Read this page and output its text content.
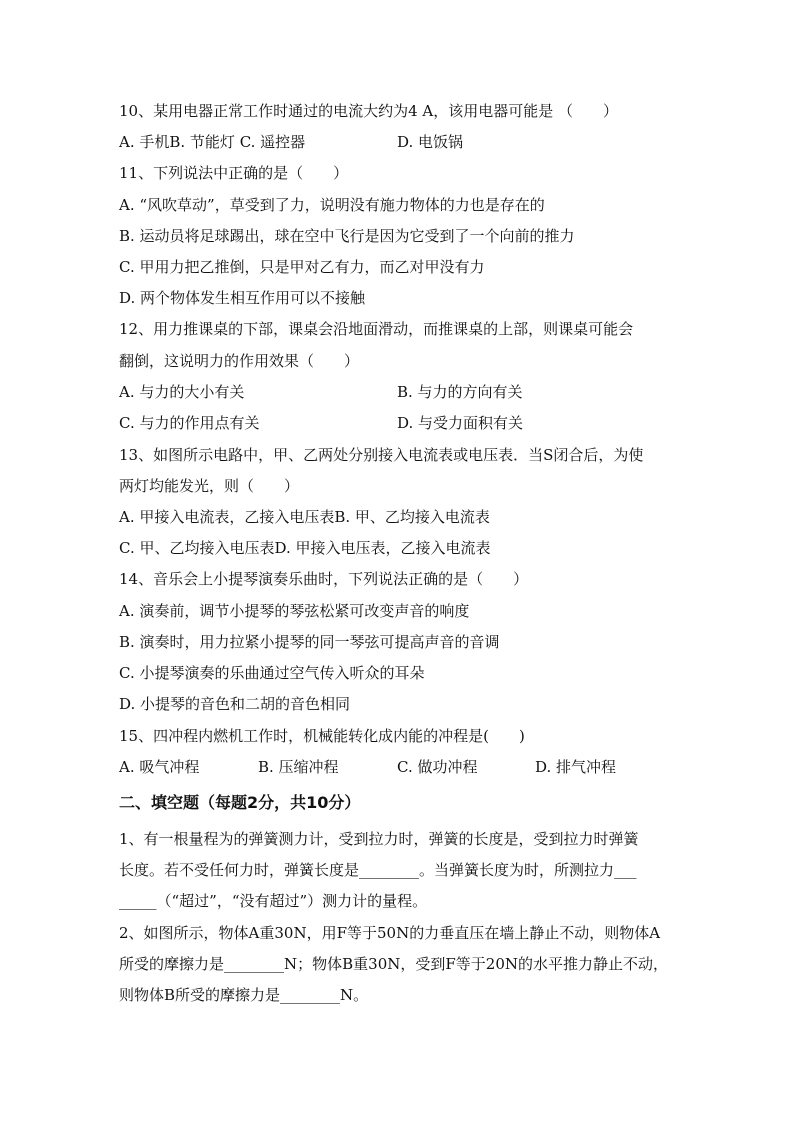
10、某用电器正常工作时通过的电流大约为4 A，该用电器可能是 （　　）
A. 手机B. 节能灯 C. 遥控器	D. 电饭锅
11、下列说法中正确的是（　　）
A. “风吹草动”，草受到了力，说明没有施力物体的力也是存在的
B. 运动员将足球踢出，球在空中飞行是因为它受到了一个向前的推力
C. 甲用力把乙推倒，只是甲对乙有力，而乙对甲没有力
D. 两个物体发生相互作用可以不接触
12、用力推课桌的下部，课桌会沿地面滑动，而推课桌的上部，则课桌可能会
翻倒，这说明力的作用效果（　　）
A. 与力的大小有关	B. 与力的方向有关
C. 与力的作用点有关	D. 与受力面积有关
13、如图所示电路中，甲、乙两处分别接入电流表或电压表．当S闭合后，为使
两灯均能发光，则（　　）
A. 甲接入电流表，乙接入电压表B. 甲、乙均接入电流表
C. 甲、乙均接入电压表D. 甲接入电压表，乙接入电流表
14、音乐会上小提琴演奏乐曲时，下列说法正确的是（　　）
A. 演奏前，调节小提琴的琴弦松紧可改变声音的响度
B. 演奏时，用力拉紧小提琴的同一琴弦可提高声音的音调
C. 小提琴演奏的乐曲通过空气传入听众的耳朵
D. 小提琴的音色和二胡的音色相同
15、四冲程内燃机工作时，机械能转化成内能的冲程是(　　)
A. 吸气冲程	B. 压缩冲程	C. 做功冲程	D. 排气冲程
二、填空题（每题2分，共10分）
1、有一根量程为的弹簧测力计，受到拉力时，弹簧的长度是，受到拉力时弹簧
长度。若不受任何力时，弹簧长度是________。当弹簧长度为时，所测拉力___
_____（“超过”，“没有超过”）测力计的量程。
2、如图所示，物体A重30N，用F等于50N的力垂直压在墙上静止不动，则物体A
所受的摩擦力是________N；物体B重30N，受到F等于20N的水平推力静止不动，
则物体B所受的摩擦力是________N。
